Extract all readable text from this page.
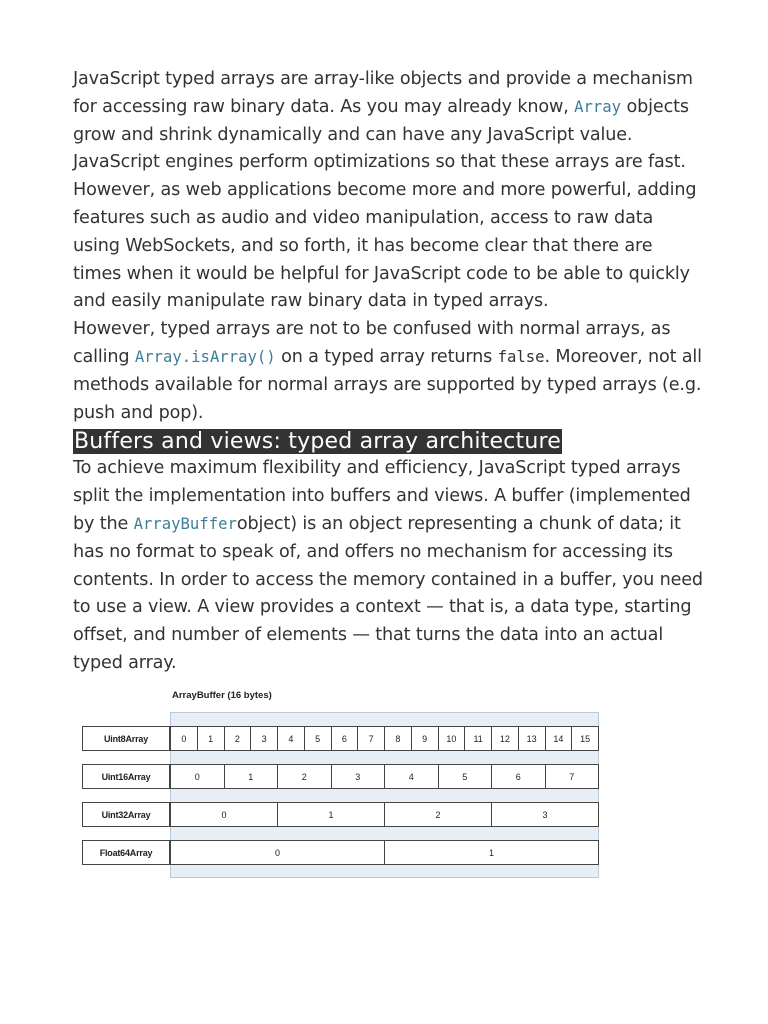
JavaScript typed arrays are array-like objects and provide a mechanism for accessing raw binary data. As you may already know, Array objects grow and shrink dynamically and can have any JavaScript value. JavaScript engines perform optimizations so that these arrays are fast. However, as web applications become more and more powerful, adding features such as audio and video manipulation, access to raw data using WebSockets, and so forth, it has become clear that there are times when it would be helpful for JavaScript code to be able to quickly and easily manipulate raw binary data in typed arrays.

However, typed arrays are not to be confused with normal arrays, as calling Array.isArray() on a typed array returns false. Moreover, not all methods available for normal arrays are supported by typed arrays (e.g. push and pop).

Buffers and views: typed array architecture

To achieve maximum flexibility and efficiency, JavaScript typed arrays split the implementation into buffers and views. A buffer (implemented by the ArrayBufferobject) is an object representing a chunk of data; it has no format to speak of, and offers no mechanism for accessing its contents. In order to access the memory contained in a buffer, you need to use a view. A view provides a context — that is, a data type, starting offset, and number of elements — that turns the data into an actual typed array.

ArrayBuffer (16 bytes)
Uint8Array	0	1	2	3	4	5	6	7	8	9	10	11	12	13	14	15
Uint16Array	0	1	2	3	4	5	6	7
Uint32Array	0	1	2	3
Float64Array	0	1
